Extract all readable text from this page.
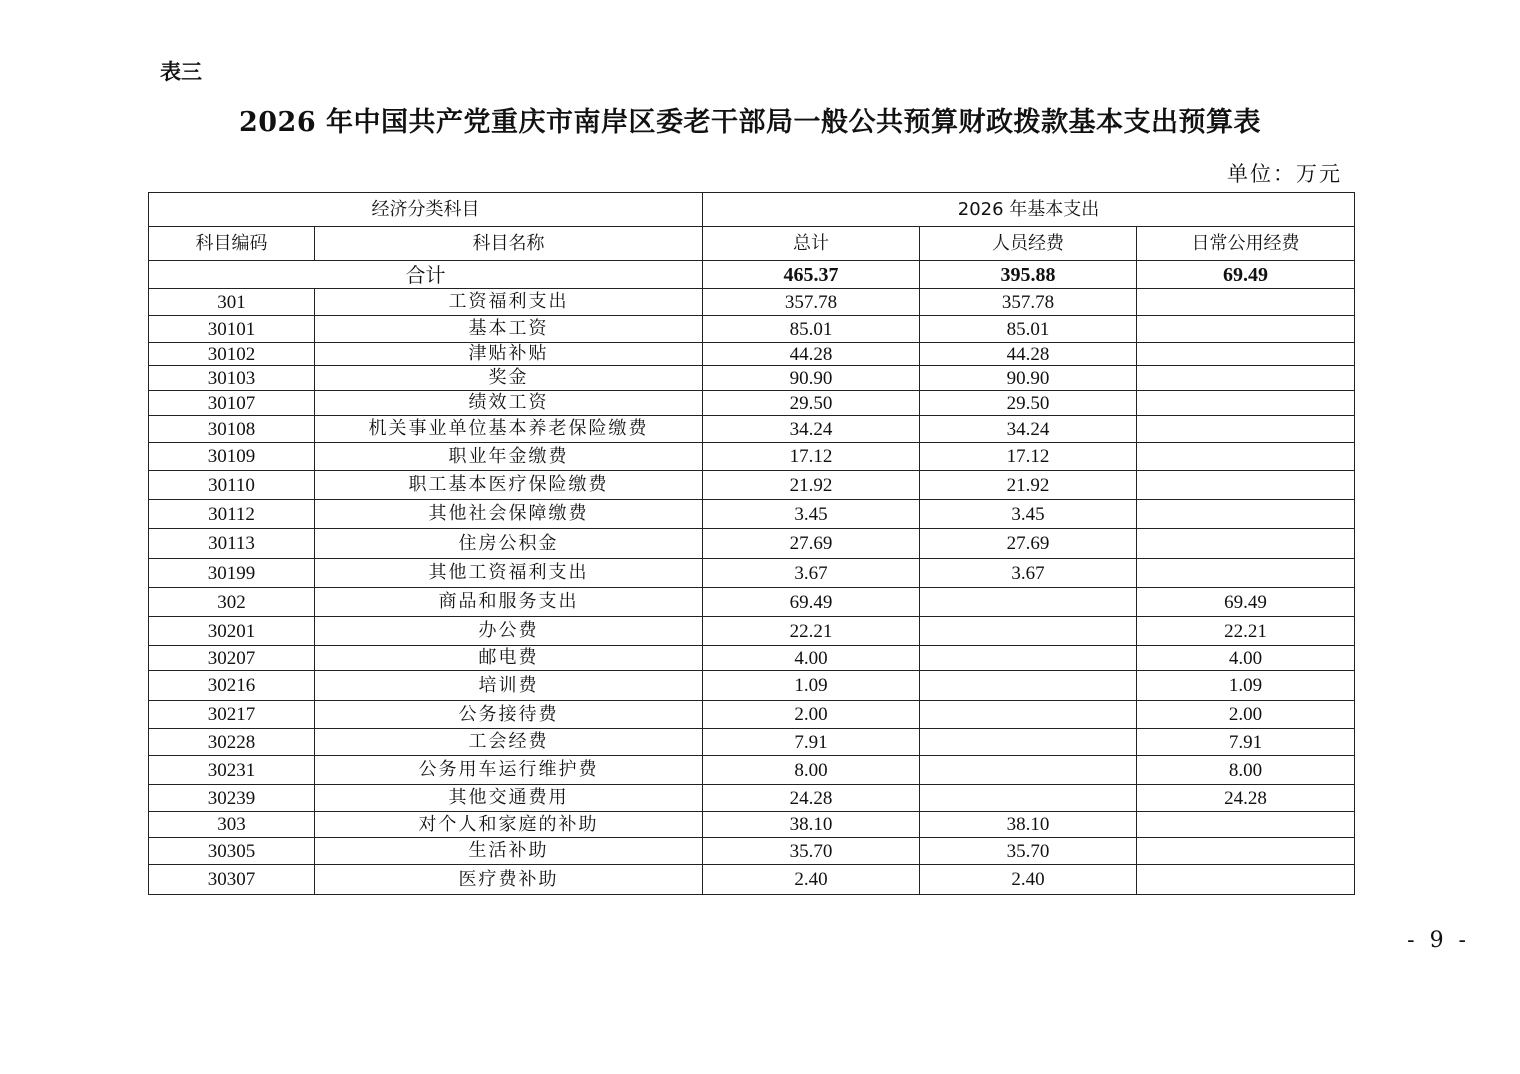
表三
2026 年中国共产党重庆市南岸区委老干部局一般公共预算财政拨款基本支出预算表
单位：万元
经济分类科目		2026 年基本支出		
科目编码	科目名称	总计	人员经费	日常公用经费
合计		465.37	395.88	69.49
301	工资福利支出	357.78	357.78	
30101	基本工资	85.01	85.01	
30102	津贴补贴	44.28	44.28	
30103	奖金	90.90	90.90	
30107	绩效工资	29.50	29.50	
30108	机关事业单位基本养老保险缴费	34.24	34.24	
30109	职业年金缴费	17.12	17.12	
30110	职工基本医疗保险缴费	21.92	21.92	
30112	其他社会保障缴费	3.45	3.45	
30113	住房公积金	27.69	27.69	
30199	其他工资福利支出	3.67	3.67	
302	商品和服务支出	69.49		69.49
30201	办公费	22.21		22.21
30207	邮电费	4.00		4.00
30216	培训费	1.09		1.09
30217	公务接待费	2.00		2.00
30228	工会经费	7.91		7.91
30231	公务用车运行维护费	8.00		8.00
30239	其他交通费用	24.28		24.28
303	对个人和家庭的补助	38.10	38.10	
30305	生活补助	35.70	35.70	
30307	医疗费补助	2.40	2.40	
- 9 -
